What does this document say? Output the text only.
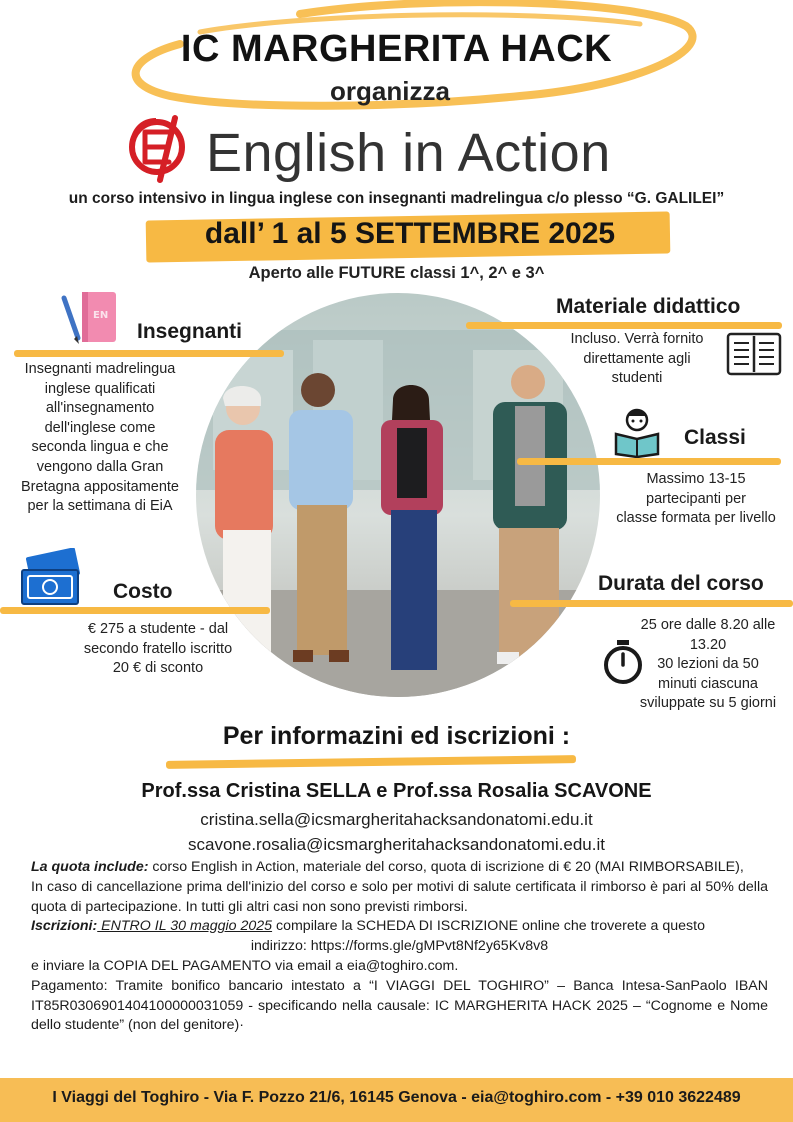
IC MARGHERITA HACK
organizza
English in Action
un corso intensivo in lingua inglese con insegnanti madrelingua c/o plesso “G. GALILEI”
dall’ 1 al 5 SETTEMBRE 2025
Aperto alle FUTURE classi 1^, 2^ e 3^
EN
Insegnanti
Insegnanti madrelingua
inglese qualificati
all'insegnamento
dell'inglese come
seconda lingua e che
vengono dalla Gran
Bretagna appositamente
per la settimana di EiA
Materiale didattico
Incluso. Verrà fornito
direttamente agli
studenti
Classi
Massimo 13-15
partecipanti per
classe formata per livello
Costo
€ 275 a studente - dal
secondo fratello iscritto
20 € di sconto
Durata del corso
25 ore dalle 8.20 alle
13.20
30 lezioni da 50
minuti ciascuna
sviluppate su 5 giorni
Per informazini ed iscrizioni :
Prof.ssa Cristina SELLA e Prof.ssa Rosalia SCAVONE
cristina.sella@icsmargheritahacksandonatomi.edu.it
scavone.rosalia@icsmargheritahacksandonatomi.edu.it
La quota include: corso English in Action, materiale del corso, quota di iscrizione di € 20 (MAI RIMBORSABILE),
In caso di cancellazione prima dell'inizio del corso e solo per motivi di salute certificata il rimborso è pari al 50% della quota di partecipazione. In tutti gli altri casi non sono previsti rimborsi.
Iscrizioni: ENTRO IL 30 maggio 2025 compilare la SCHEDA DI ISCRIZIONE online che troverete a questo
indirizzo: https://forms.gle/gMPvt8Nf2y65Kv8v8
e inviare la COPIA DEL PAGAMENTO via email a eia@toghiro.com.
Pagamento: Tramite bonifico bancario intestato a “I VIAGGI DEL TOGHIRO” – Banca Intesa-SanPaolo IBAN IT85R0306901404100000031059 - specificando nella causale: IC MARGHERITA HACK 2025 – “Cognome e Nome dello studente” (non del genitore)·
I Viaggi del Toghiro - Via F. Pozzo 21/6, 16145 Genova - eia@toghiro.com - +39 010 3622489
